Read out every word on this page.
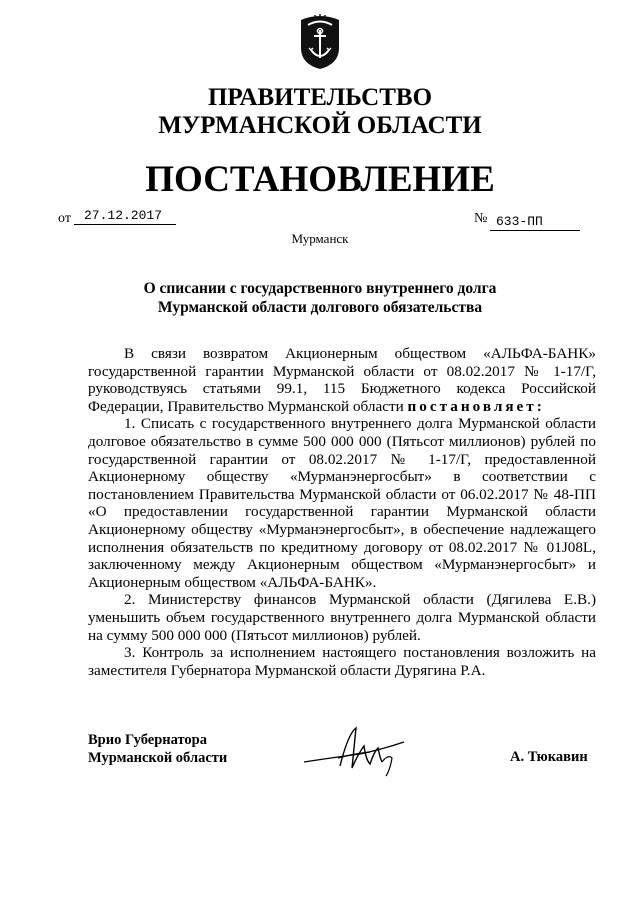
ПРАВИТЕЛЬСТВО
МУРМАНСКОЙ ОБЛАСТИ
ПОСТАНОВЛЕНИЕ
от	27.12.2017	№ 633-ПП
Мурманск
О списании с государственного внутреннего долга
Мурманской области долгового обязательства

В связи возвратом Акционерным обществом «АЛЬФА-БАНК» государственной гарантии Мурманской области от 08.02.2017 № 1-17/Г, руководствуясь статьями 99.1, 115 Бюджетного кодекса Российской Федерации, Правительство Мурманской области постановляет:

1. Списать с государственного внутреннего долга Мурманской области долговое обязательство в сумме 500 000 000 (Пятьсот миллионов) рублей по государственной гарантии от 08.02.2017 № 1-17/Г, предоставленной Акционерному обществу «Мурманэнергосбыт» в соответствии с постановлением Правительства Мурманской области от 06.02.2017 № 48-ПП «О предоставлении государственной гарантии Мурманской области Акционерному обществу «Мурманэнергосбыт», в обеспечение надлежащего исполнения обязательств по кредитному договору от 08.02.2017 № 01J08L, заключенному между Акционерным обществом «Мурманэнергосбыт» и Акционерным обществом «АЛЬФА-БАНК».

2. Министерству финансов Мурманской области (Дягилева Е.В.) уменьшить объем государственного внутреннего долга Мурманской области на сумму 500 000 000 (Пятьсот миллионов) рублей.

3. Контроль за исполнением настоящего постановления возложить на заместителя Губернатора Мурманской области Дурягина Р.А.

Врио Губернатора
Мурманской области	А. Тюкавин
